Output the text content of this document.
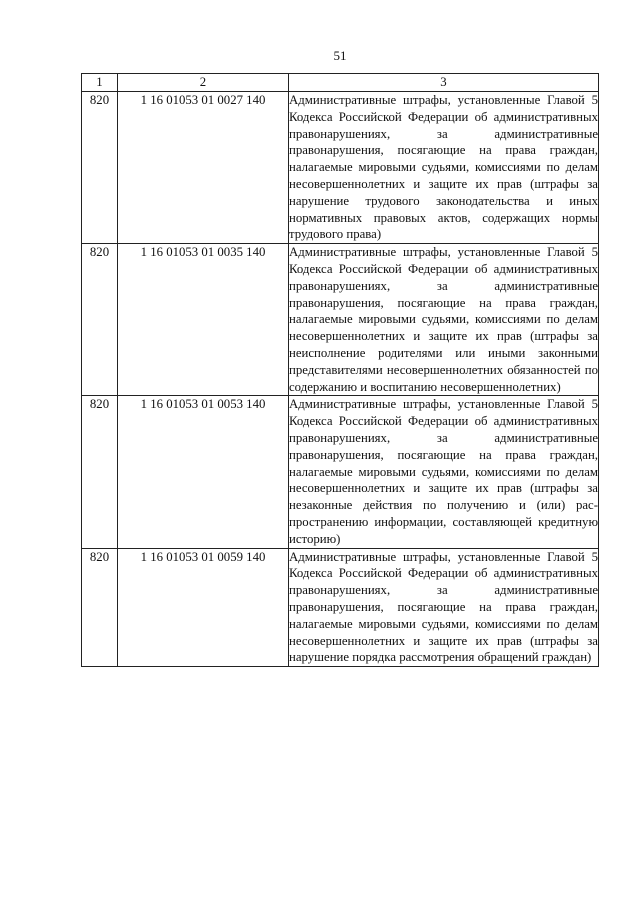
51
1	2	3
820	1 16 01053 01 0027 140	Административные штрафы, установленные Главой 5 Кодекса Российской Федерации об административных правонарушениях, за административные правонарушения, посягающие на права граждан, налагаемые мировыми судьями, комиссиями по делам несовершеннолетних и защите их прав (штрафы за нарушение трудового законодательства и иных нормативных правовых актов, содержащих нормы трудового права)
820	1 16 01053 01 0035 140	Административные штрафы, установленные Главой 5 Кодекса Российской Федерации об административных правонарушениях, за административные правонарушения, посягающие на права граждан, налагаемые мировыми судьями, комиссиями по делам несовершеннолетних и защите их прав (штрафы за неисполнение родителями или иными законными представителями несовершеннолетних обязанностей по содержанию и воспитанию несовершеннолетних)
820	1 16 01053 01 0053 140	Административные штрафы, установленные Главой 5 Кодекса Российской Федерации об административных правонарушениях, за административные правонарушения, посягающие на права граждан, налагаемые мировыми судьями, комиссиями по делам несовершеннолетних и защите их прав (штрафы за незаконные действия по получению и (или) распространению информации, составляющей кредитную историю)
820	1 16 01053 01 0059 140	Административные штрафы, установленные Главой 5 Кодекса Российской Федерации об административных правонарушениях, за административные правонарушения, посягающие на права граждан, налагаемые мировыми судьями, комиссиями по делам несовершеннолетних и защите их прав (штрафы за нарушение порядка рассмотрения обращений граждан)
